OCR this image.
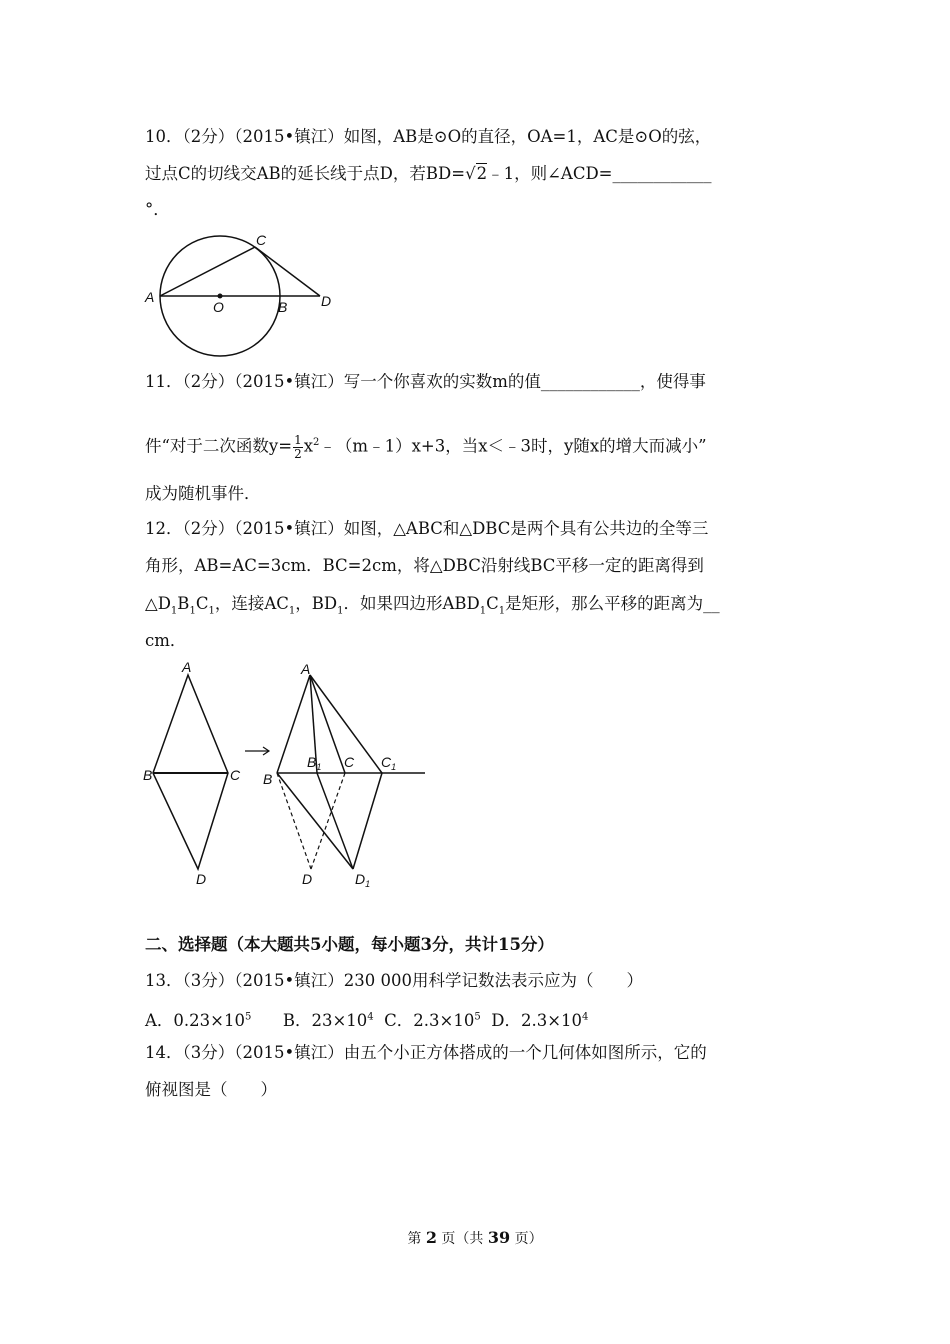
10．（2分）（2015•镇江）如图，AB是⊙O的直径，OA=1，AC是⊙O的弦，
过点C的切线交AB的延长线于点D，若BD=√2﹣1，则∠ACD=____________
°．
A
O	B
C
D
11．（2分）（2015•镇江）写一个你喜欢的实数m的值____________，使得事
件“对于二次函数$y= \frac{1}{2}$ $x^2﹣(m﹣1)x+3$，当x＜﹣3时，y随x的增大而减小”
成为随机事件．
12．（2分）（2015•镇江）如图，△ABC和△DBC是两个具有公共边的全等三
角形，AB=AC=3cm．BC=2cm，将△DBC沿射线BC平移一定的距离得到
$\triangle D_1B_1C_1$，连接$AC_1$，$BD_1$．如果四边形$ABD_1C_1$是矩形，那么平移的距离为__
cm．
A
B	C
D
A
B
$B_1$ C $C_1$
D	$D_1$
二、选择题（本大题共5小题，每小题3分，共计15分）
13．（3分）（2015•镇江）230 000用科学记数法表示应为（　　）
A．$0.23\times 10^5$ B．$23\times 10^4$ C．$2.3\times 10^5$ D．$2.3\times 10^4$
14．（3分）（2015•镇江）由五个小正方体搭成的一个几何体如图所示，它的
俯视图是（　　）
第 2 页（共 39 页）
